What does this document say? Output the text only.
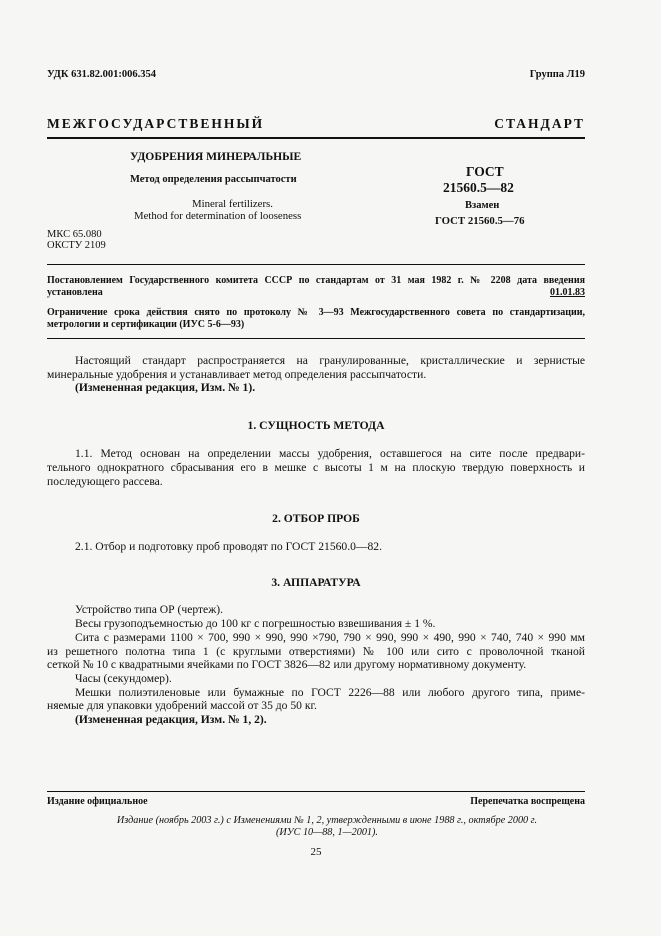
УДК 631.82.001:006.354	Группа Л19
МЕЖГОСУДАРСТВЕННЫЙ СТАНДАРТ
УДОБРЕНИЯ МИНЕРАЛЬНЫЕ
Метод определения рассыпчатости
Mineral fertilizers.
Method for determination of looseness
ГОСТ
21560.5—82
Взамен
ГОСТ 21560.5—76
МКС 65.080
ОКСТУ 2109
Постановлением Государственного комитета СССР по стандартам от 31 мая 1982 г. № 2208 дата введения
установлена	01.01.83
Ограничение срока действия снято по протоколу № 3—93 Межгосударственного совета по стандартизации,
метрологии и сертификации (ИУС 5-6—93)
Настоящий стандарт распространяется на гранулированные, кристаллические и зернистые
минеральные удобрения и устанавливает метод определения рассыпчатости.
(Измененная редакция, Изм. № 1).
1. СУЩНОСТЬ МЕТОДА
1.1. Метод основан на определении массы удобрения, оставшегося на сите после предвари-
тельного однократного сбрасывания его в мешке с высоты 1 м на плоскую твердую поверхность и
последующего рассева.
2. ОТБОР ПРОБ
2.1. Отбор и подготовку проб проводят по ГОСТ 21560.0—82.
3. АППАРАТУРА
Устройство типа ОР (чертеж).
Весы грузоподъемностью до 100 кг с погрешностью взвешивания ± 1 %.
Сита с размерами 1100 × 700, 990 × 990, 990 ×790, 790 × 990, 990 × 490, 990 × 740, 740 × 990 мм
из решетного полотна типа 1 (с круглыми отверстиями) № 100 или сито с проволочной тканой
сеткой № 10 с квадратными ячейками по ГОСТ 3826—82 или другому нормативному документу.
Часы (секундомер).
Мешки полиэтиленовые или бумажные по ГОСТ 2226—88 или любого другого типа, приме-
няемые для упаковки удобрений массой от 35 до 50 кг.
(Измененная редакция, Изм. № 1, 2).
Издание официальное	Перепечатка воспрещена
Издание (ноябрь 2003 г.) с Изменениями № 1, 2, утвержденными в июне 1988 г., октябре 2000 г.
(ИУС 10—88, 1—2001).
25
